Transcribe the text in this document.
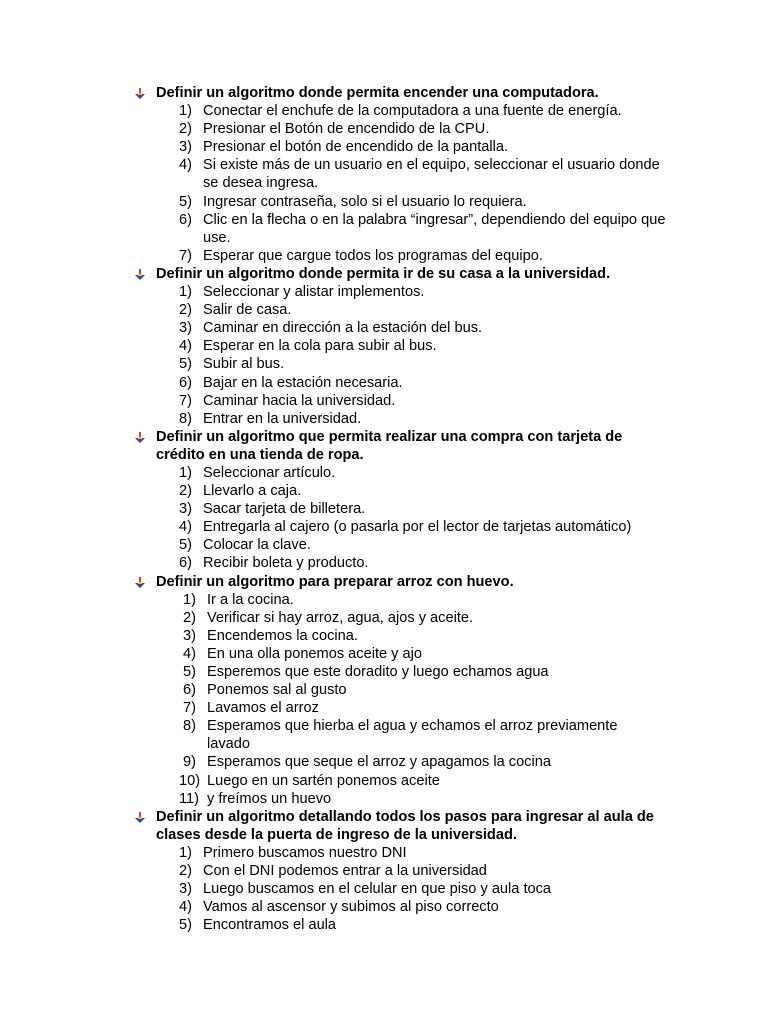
Definir un algoritmo donde permita encender una computadora.
1) Conectar el enchufe de la computadora a una fuente de energía.
2) Presionar el Botón de encendido de la CPU.
3) Presionar el botón de encendido de la pantalla.
4) Si existe más de un usuario en el equipo, seleccionar el usuario donde se desea ingresa.
5) Ingresar contraseña, solo si el usuario lo requiera.
6) Clic en la flecha o en la palabra “ingresar”, dependiendo del equipo que use.
7) Esperar que cargue todos los programas del equipo.
Definir un algoritmo donde permita ir de su casa a la universidad.
1) Seleccionar y alistar implementos.
2) Salir de casa.
3) Caminar en dirección a la estación del bus.
4) Esperar en la cola para subir al bus.
5) Subir al bus.
6) Bajar en la estación necesaria.
7) Caminar hacia la universidad.
8) Entrar en la universidad.
Definir un algoritmo que permita realizar una compra con tarjeta de crédito en una tienda de ropa.
1) Seleccionar artículo.
2) Llevarlo a caja.
3) Sacar tarjeta de billetera.
4) Entregarla al cajero (o pasarla por el lector de tarjetas automático)
5) Colocar la clave.
6) Recibir boleta y producto.
Definir un algoritmo para preparar arroz con huevo.
1) Ir a la cocina.
2) Verificar si hay arroz, agua, ajos y aceite.
3) Encendemos la cocina.
4) En una olla ponemos aceite y ajo
5) Esperemos que este doradito y luego echamos agua
6) Ponemos sal al gusto
7) Lavamos el arroz
8) Esperamos que hierba el agua y echamos el arroz previamente lavado
9) Esperamos que seque el arroz y apagamos la cocina
10) Luego en un sartén ponemos aceite
11) y freímos un huevo
Definir un algoritmo detallando todos los pasos para ingresar al aula de clases desde la puerta de ingreso de la universidad.
1) Primero buscamos nuestro DNI
2) Con el DNI podemos entrar a la universidad
3) Luego buscamos en el celular en que piso y aula toca
4) Vamos al ascensor y subimos al piso correcto
5) Encontramos el aula
